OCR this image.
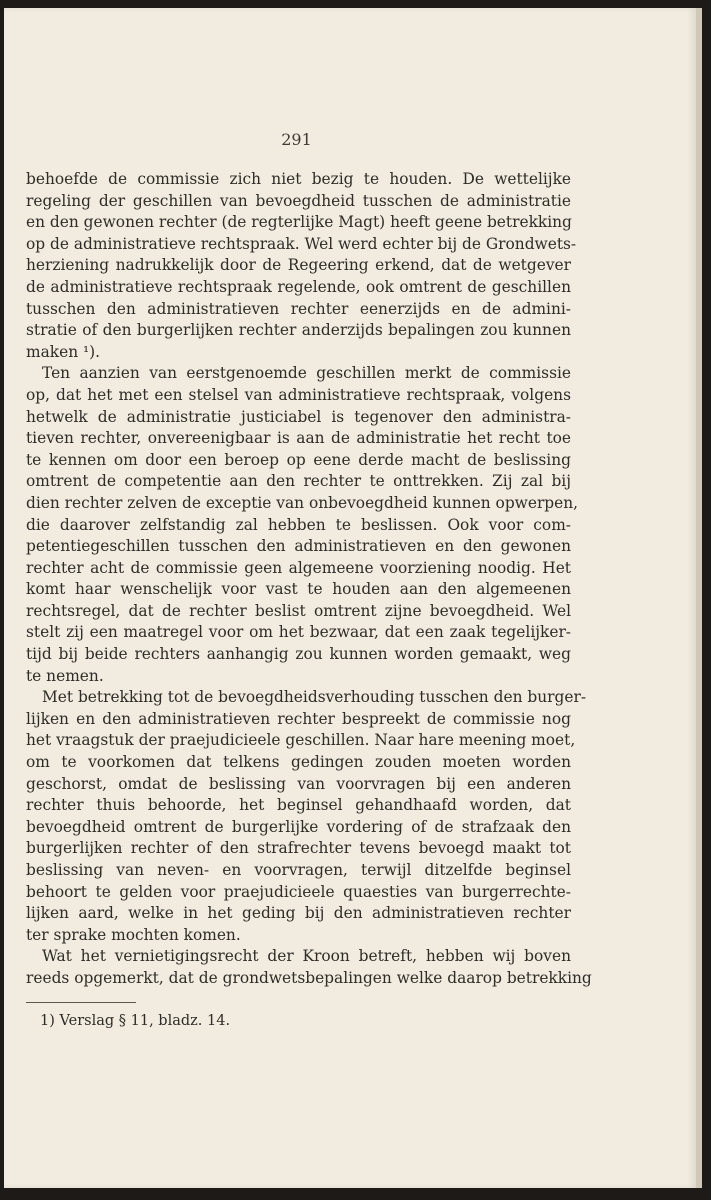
291

behoefde de commissie zich niet bezig te houden. De wettelijke
regeling der geschillen van bevoegdheid tusschen de administratie
en den gewonen rechter (de regterlijke Magt) heeft geene betrekking
op de administratieve rechtspraak. Wel werd echter bij de Grondwets-
herziening nadrukkelijk door de Regeering erkend, dat de wetgever
de administratieve rechtspraak regelende, ook omtrent de geschillen
tusschen den administratieven rechter eenerzijds en de admini-
stratie of den burgerlijken rechter anderzijds bepalingen zou kunnen
maken ¹).

Ten aanzien van eerstgenoemde geschillen merkt de commissie
op, dat het met een stelsel van administratieve rechtspraak, volgens
hetwelk de administratie justiciabel is tegenover den administra-
tieven rechter, onvereenigbaar is aan de administratie het recht toe
te kennen om door een beroep op eene derde macht de beslissing
omtrent de competentie aan den rechter te onttrekken. Zij zal bij
dien rechter zelven de exceptie van onbevoegdheid kunnen opwerpen,
die daarover zelfstandig zal hebben te beslissen. Ook voor com-
petentiegeschillen tusschen den administratieven en den gewonen
rechter acht de commissie geen algemeene voorziening noodig. Het
komt haar wenschelijk voor vast te houden aan den algemeenen
rechtsregel, dat de rechter beslist omtrent zijne bevoegdheid. Wel
stelt zij een maatregel voor om het bezwaar, dat een zaak tegelijker-
tijd bij beide rechters aanhangig zou kunnen worden gemaakt, weg
te nemen.

Met betrekking tot de bevoegdheidsverhouding tusschen den burger-
lijken en den administratieven rechter bespreekt de commissie nog
het vraagstuk der praejudicieele geschillen. Naar hare meening moet,
om te voorkomen dat telkens gedingen zouden moeten worden
geschorst, omdat de beslissing van voorvragen bij een anderen
rechter thuis behoorde, het beginsel gehandhaafd worden, dat
bevoegdheid omtrent de burgerlijke vordering of de strafzaak den
burgerlijken rechter of den strafrechter tevens bevoegd maakt tot
beslissing van neven- en voorvragen, terwijl ditzelfde beginsel
behoort te gelden voor praejudicieele quaesties van burgerrechte-
lijken aard, welke in het geding bij den administratieven rechter
ter sprake mochten komen.

Wat het vernietigingsrecht der Kroon betreft, hebben wij boven
reeds opgemerkt, dat de grondwetsbepalingen welke daarop betrekking

1) Verslag § 11, bladz. 14.
